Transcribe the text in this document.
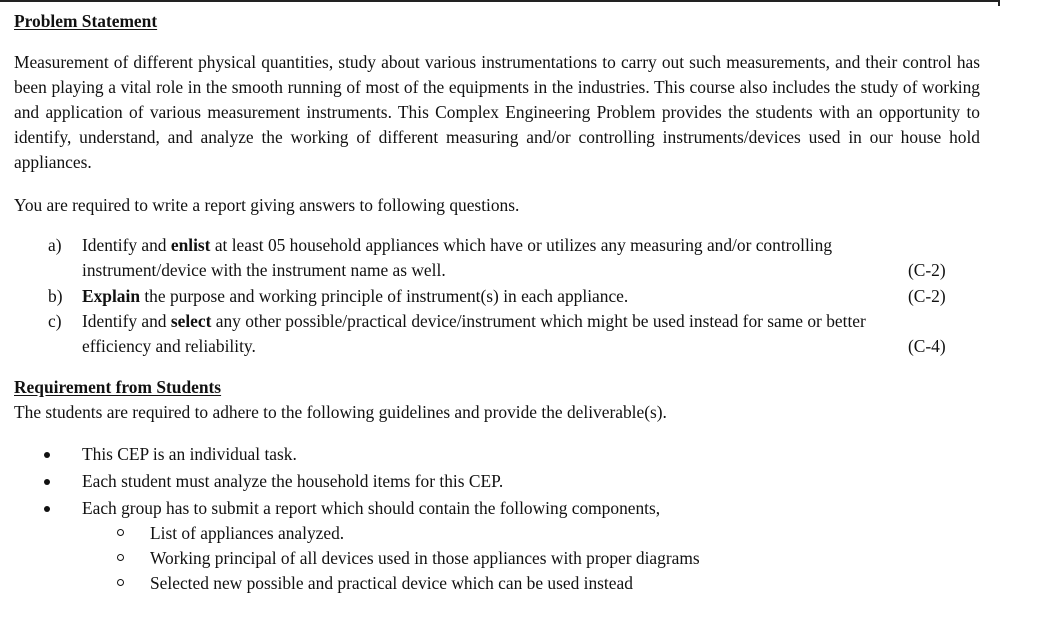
Problem Statement
Measurement of different physical quantities, study about various instrumentations to carry out such measurements, and their control has been playing a vital role in the smooth running of most of the equipments in the industries. This course also includes the study of working and application of various measurement instruments. This Complex Engineering Problem provides the students with an opportunity to identify, understand, and analyze the working of different measuring and/or controlling instruments/devices used in our house hold appliances.
You are required to write a report giving answers to following questions.
a) Identify and enlist at least 05 household appliances which have or utilizes any measuring and/or controlling
instrument/device with the instrument name as well.	(C-2)
b) Explain the purpose and working principle of instrument(s) in each appliance.	(C-2)
c) Identify and select any other possible/practical device/instrument which might be used instead for same or better
efficiency and reliability.	(C-4)
Requirement from Students
The students are required to adhere to the following guidelines and provide the deliverable(s).
This CEP is an individual task.
Each student must analyze the household items for this CEP.
Each group has to submit a report which should contain the following components,
List of appliances analyzed.
Working principal of all devices used in those appliances with proper diagrams
Selected new possible and practical device which can be used instead
